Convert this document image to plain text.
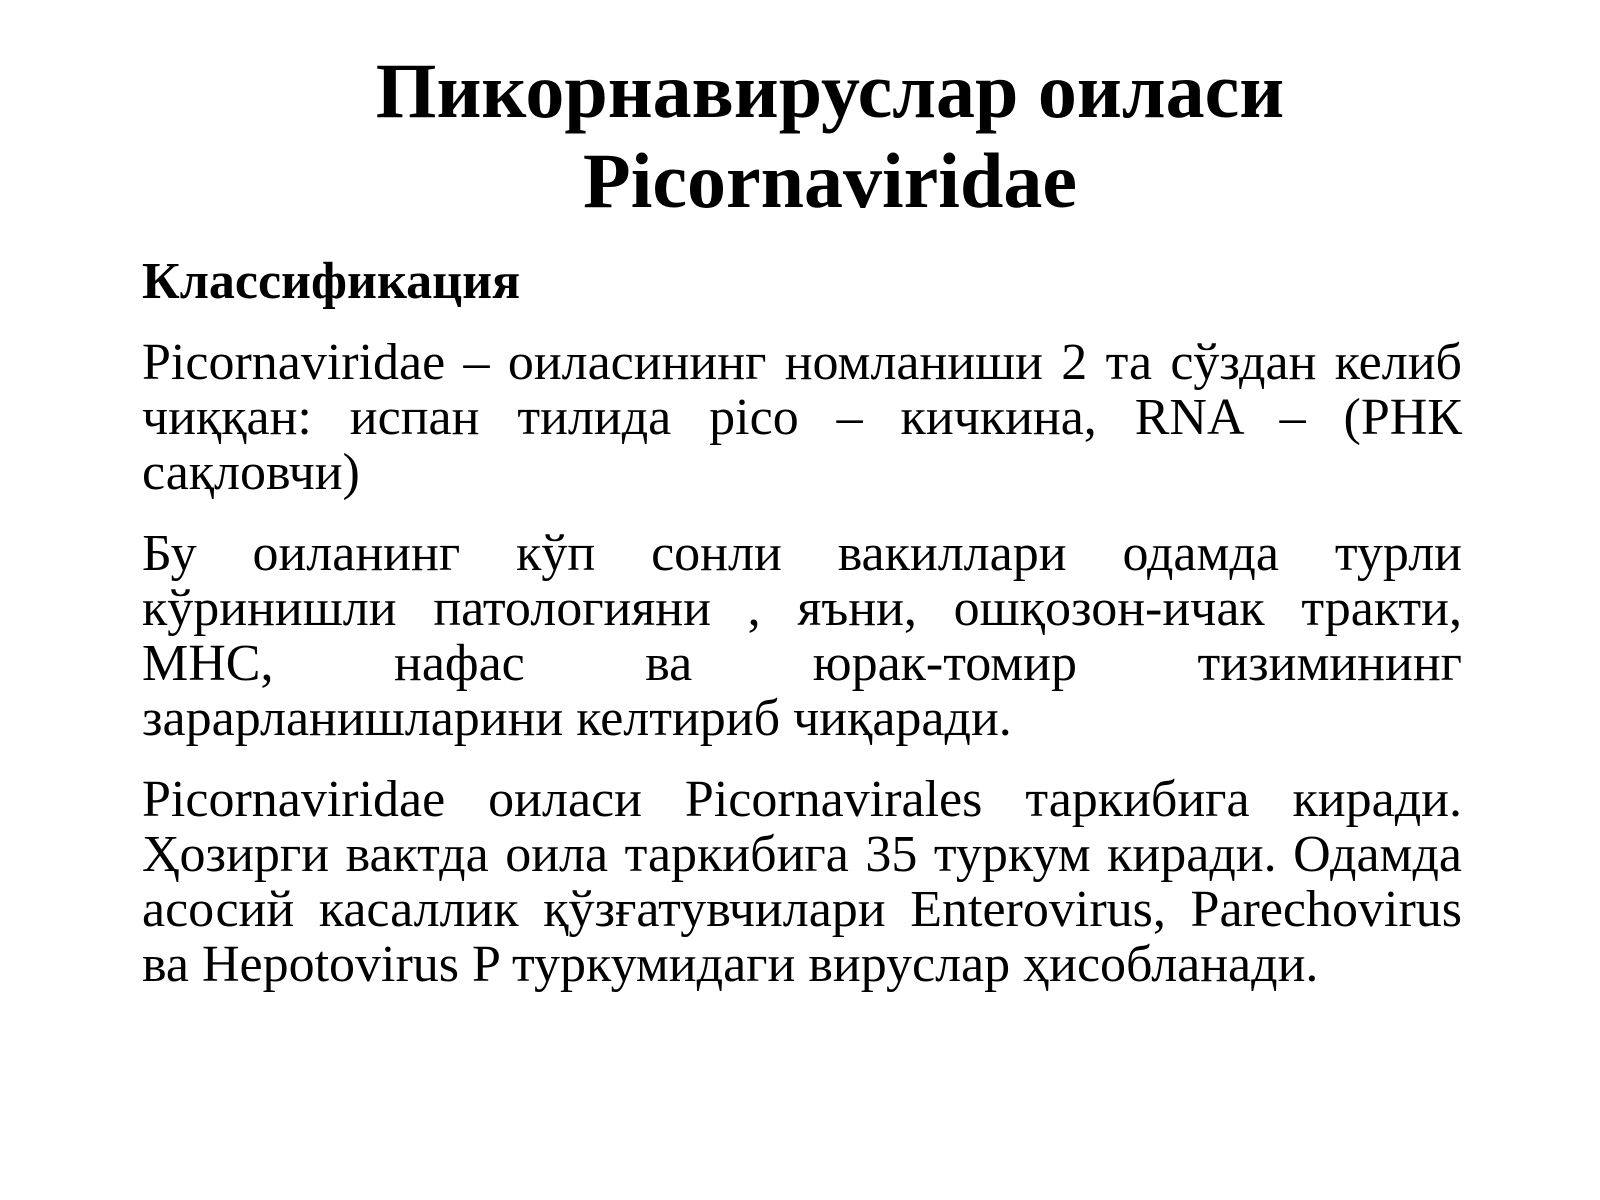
Пикорнавируслар оиласи
Picornaviridae

Классификация

Picornaviridae – оиласининг номланиши 2 та сўздан келиб чиққан: испан тилида pico – кичкина, RNA – (РНК сақловчи)

Бу оиланинг кўп сонли вакиллари одамда турли кўринишли патологияни , яъни, ошқозон-ичак тракти, МНС, нафас ва юрак-томир тизимининг зарарланишларини келтириб чиқаради.

Picornaviridae оиласи Picornavirales таркибига киради. Ҳозирги вактда оила таркибига 35 туркум киради. Одамда асосий касаллик қўзғатувчилари Enterovirus, Parechovirus ва Hepotovirus P туркумидаги вируслар ҳисобланади.
